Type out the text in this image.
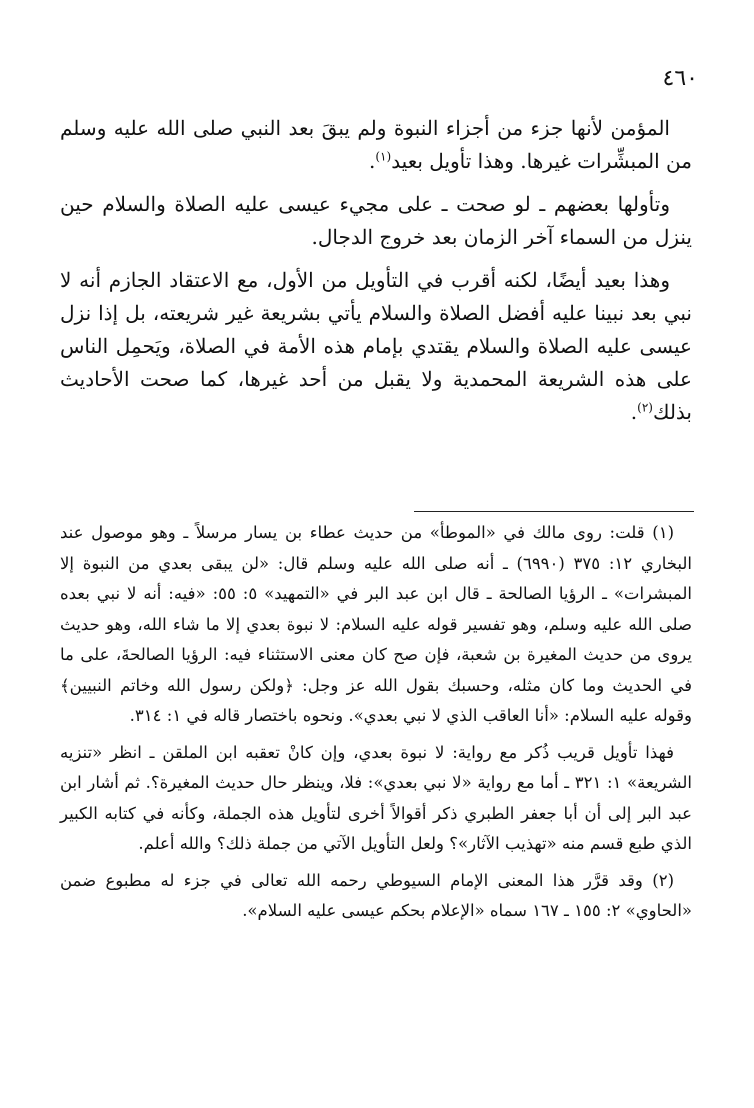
٤٦٠

المؤمن لأنها جزء من أجزاء النبوة ولم يبقَ بعد النبي صلى الله عليه وسلم من المبشِّرات غيرها. وهذا تأويل بعيد$^{(١)}$.

وتأولها بعضهم ـ لو صحت ـ على مجيء عيسى عليه الصلاة والسلام حين ينزل من السماء آخر الزمان بعد خروج الدجال.

وهذا بعيد أيضًا، لكنه أقرب في التأويل من الأول، مع الاعتقاد الجازم أنه لا نبي بعد نبينا عليه أفضل الصلاة والسلام يأتي بشريعة غير شريعته، بل إذا نزل عيسى عليه الصلاة والسلام يقتدي بإمام هذه الأمة في الصلاة، ويَحمِل الناس على هذه الشريعة المحمدية ولا يقبل من أحد غيرها، كما صحت الأحاديث بذلك$^{(٢)}$.

(١) قلت: روى مالك في «الموطأ» من حديث عطاء بن يسار مرسلاً ـ وهو موصول عند البخاري ١٢: ٣٧٥ (٦٩٩٠) ـ أنه صلى الله عليه وسلم قال: «لن يبقى بعدي من النبوة إلا المبشرات» ـ الرؤيا الصالحة ـ قال ابن عبد البر في «التمهيد» ٥: ٥٥: «فيه: أنه لا نبي بعده صلى الله عليه وسلم، وهو تفسير قوله عليه السلام: لا نبوة بعدي إلا ما شاء الله، وهو حديث يروى من حديث المغيرة بن شعبة، فإن صح كان معنى الاستثناء فيه: الرؤيا الصالحةَ، على ما في الحديث وما كان مثله، وحسبك بقول الله عز وجل: ﴿ولكن رسول الله وخاتم النبيين﴾ وقوله عليه السلام: «أنا العاقب الذي لا نبي بعدي». ونحوه باختصار قاله في ١: ٣١٤.

فهذا تأويل قريب ذُكر مع رواية: لا نبوة بعدي، وإن كانْ تعقبه ابن الملقن ـ انظر «تنزيه الشريعة» ١: ٣٢١ ـ أما مع رواية «لا نبي بعدي»: فلا، وينظر حال حديث المغيرة؟. ثم أشار ابن عبد البر إلى أن أبا جعفر الطبري ذكر أقوالاً أخرى لتأويل هذه الجملة، وكأنه في كتابه الكبير الذي طبع قسم منه «تهذيب الآثار»؟ ولعل التأويل الآتي من جملة ذلك؟ والله أعلم.

(٢) وقد قرَّر هذا المعنى الإمام السيوطي رحمه الله تعالى في جزء له مطبوع ضمن «الحاوي» ٢: ١٥٥ ـ ١٦٧ سماه «الإعلام بحكم عيسى عليه السلام».
